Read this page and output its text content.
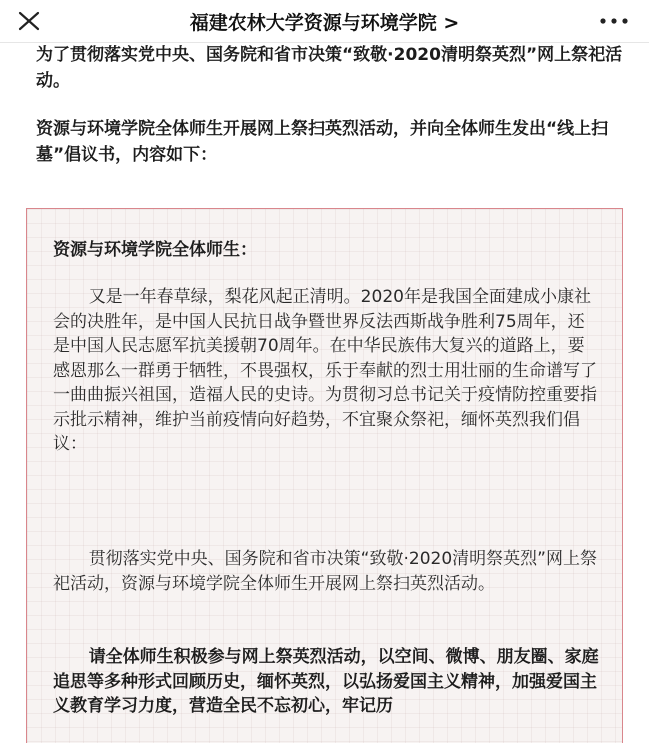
福建农林大学资源与环境学院 >

为了贯彻落实党中央、国务院和省市决策“致敬·2020清明祭英烈”网上祭祀活动。

资源与环境学院全体师生开展网上祭扫英烈活动，并向全体师生发出“线上扫墓”倡议书，内容如下：

资源与环境学院全体师生：

又是一年春草绿，梨花风起正清明。2020年是我国全面建成小康社会的决胜年，是中国人民抗日战争暨世界反法西斯战争胜利75周年，还是中国人民志愿军抗美援朝70周年。在中华民族伟大复兴的道路上，要感恩那么一群勇于牺牲，不畏强权，乐于奉献的烈士用壮丽的生命谱写了一曲曲振兴祖国，造福人民的史诗。为贯彻习总书记关于疫情防控重要指示批示精神，维护当前疫情向好趋势，不宜聚众祭祀，缅怀英烈我们倡议：

贯彻落实党中央、国务院和省市决策“致敬·2020清明祭英烈”网上祭祀活动，资源与环境学院全体师生开展网上祭扫英烈活动。

请全体师生积极参与网上祭英烈活动，以空间、微博、朋友圈、家庭追思等多种形式回顾历史，缅怀英烈，以弘扬爱国主义精神，加强爱国主义教育学习力度，营造全民不忘初心，牢记历
